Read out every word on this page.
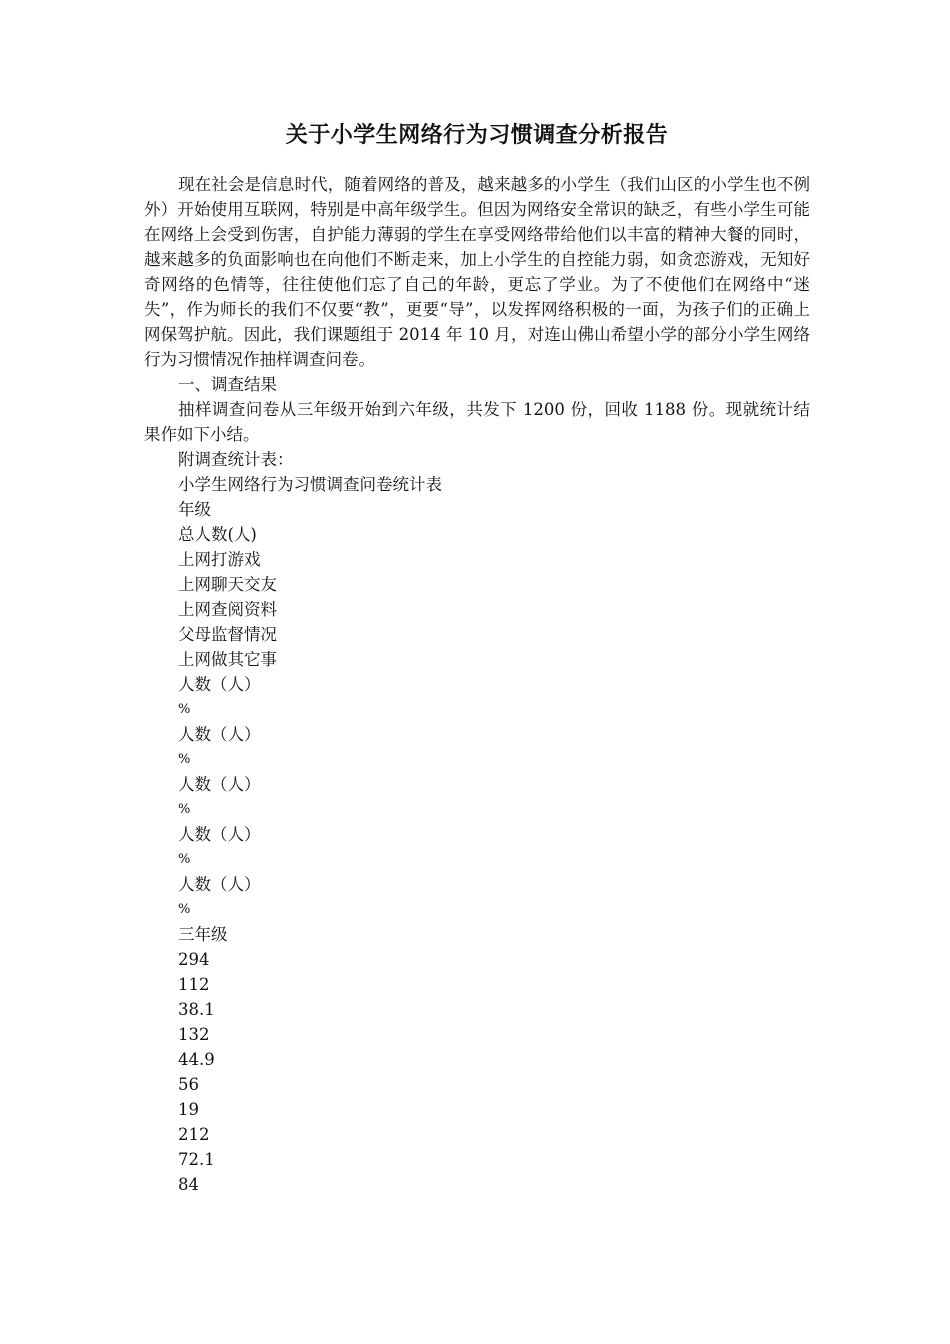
关于小学生网络行为习惯调查分析报告

现在社会是信息时代，随着网络的普及，越来越多的小学生（我们山区的小学生也不例外）开始使用互联网，特别是中高年级学生。但因为网络安全常识的缺乏，有些小学生可能在网络上会受到伤害，自护能力薄弱的学生在享受网络带给他们以丰富的精神大餐的同时，越来越多的负面影响也在向他们不断走来，加上小学生的自控能力弱，如贪恋游戏，无知好奇网络的色情等，往往使他们忘了自己的年龄，更忘了学业。为了不使他们在网络中“迷失”，作为师长的我们不仅要“教”，更要“导”，以发挥网络积极的一面，为孩子们的正确上网保驾护航。因此，我们课题组于 2014 年 10 月，对连山佛山希望小学的部分小学生网络行为习惯情况作抽样调查问卷。

一、调查结果

抽样调查问卷从三年级开始到六年级，共发下 1200 份，回收 1188 份。现就统计结果作如下小结。

附调查统计表：

小学生网络行为习惯调查问卷统计表

年级

总人数(人)

上网打游戏

上网聊天交友

上网查阅资料

父母监督情况

上网做其它事

人数（人）

%

人数（人）

%

人数（人）

%

人数（人）

%

人数（人）

%

三年级

294

112

38.1

132

44.9

56

19

212

72.1

84
